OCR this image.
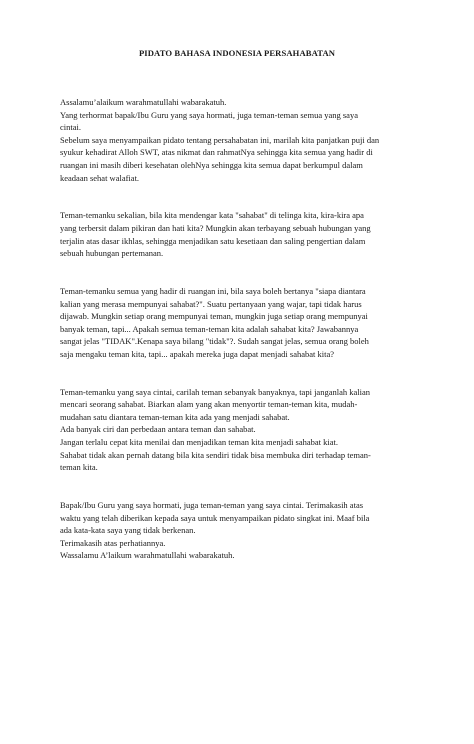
PIDATO BAHASA INDONESIA PERSAHABATAN
Assalamu’alaikum warahmatullahi wabarakatuh.
Yang terhormat bapak/Ibu Guru yang saya hormati, juga teman-teman semua yang saya
cintai.
Sebelum saya menyampaikan pidato tentang persahabatan ini, marilah kita panjatkan puji dan
syukur kehadirat Alloh SWT, atas nikmat dan rahmatNya sehingga kita semua yang hadir di
ruangan ini masih diberi kesehatan olehNya sehingga kita semua dapat berkumpul dalam
keadaan sehat walafiat.
Teman-temanku sekalian, bila kita mendengar kata "sahabat" di telinga kita, kira-kira apa
yang terbersit dalam pikiran dan hati kita? Mungkin akan terbayang sebuah hubungan yang
terjalin atas dasar ikhlas, sehingga menjadikan satu kesetiaan dan saling pengertian dalam
sebuah hubungan pertemanan.
Teman-temanku semua yang hadir di ruangan ini, bila saya boleh bertanya "siapa diantara
kalian yang merasa mempunyai sahabat?". Suatu pertanyaan yang wajar, tapi tidak harus
dijawab. Mungkin setiap orang mempunyai teman, mungkin juga setiap orang mempunyai
banyak teman, tapi... Apakah semua teman-teman kita adalah sahabat kita? Jawabannya
sangat jelas "TIDAK".Kenapa saya bilang "tidak"?. Sudah sangat jelas, semua orang boleh
saja mengaku teman kita, tapi... apakah mereka juga dapat menjadi sahabat kita?
Teman-temanku yang saya cintai, carilah teman sebanyak banyaknya, tapi janganlah kalian
mencari seorang sahabat. Biarkan alam yang akan menyortir teman-teman kita, mudah-
mudahan satu diantara teman-teman kita ada yang menjadi sahabat.
Ada banyak ciri dan perbedaan antara teman dan sahabat.
Jangan terlalu cepat kita menilai dan menjadikan teman kita menjadi sahabat kiat.
Sahabat tidak akan pernah datang bila kita sendiri tidak bisa membuka diri terhadap teman-
teman kita.
Bapak/Ibu Guru yang saya hormati, juga teman-teman yang saya cintai. Terimakasih atas
waktu yang telah diberikan kepada saya untuk menyampaikan pidato singkat ini. Maaf bila
ada kata-kata saya yang tidak berkenan.
Terimakasih atas perhatiannya.
Wassalamu A’laikum warahmatullahi wabarakatuh.
